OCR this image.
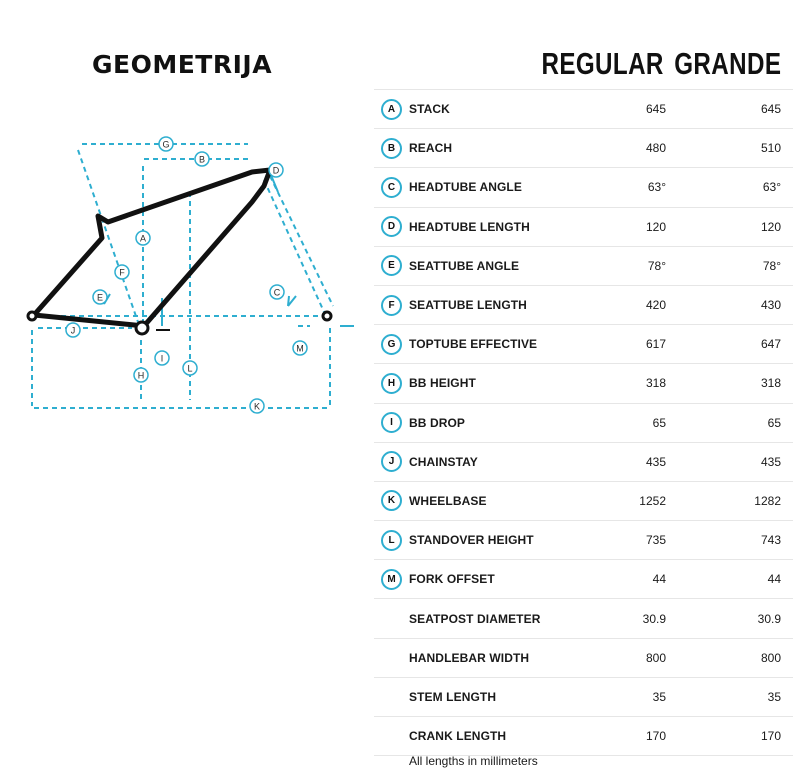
GEOMETRIJA	REGULAR GRANDE
G
B
D
A
F
E	C
J
I
H
L
M
K
A	STACK	645	645
B	REACH	480	510
C	HEADTUBE ANGLE	63°	63°
D	HEADTUBE LENGTH	120	120
E	SEATTUBE ANGLE	78°	78°
F	SEATTUBE LENGTH	420	430
G	TOPTUBE EFFECTIVE	617	647
H	BB HEIGHT	318	318
I	BB DROP	65	65
J	CHAINSTAY	435	435
K	WHEELBASE	1252	1282
L	STANDOVER HEIGHT	735	743
M	FORK OFFSET	44	44
	SEATPOST DIAMETER	30.9	30.9
	HANDLEBAR WIDTH	800	800
	STEM LENGTH	35	35
	CRANK LENGTH	170	170
All lengths in millimeters
